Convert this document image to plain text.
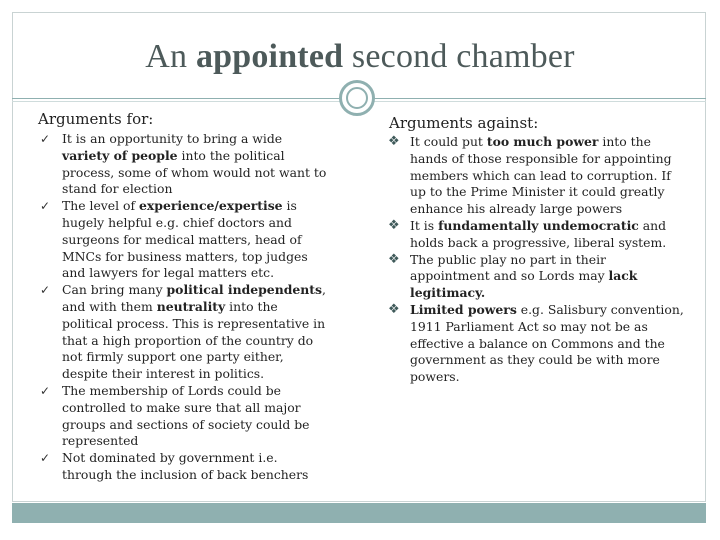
An appointed second chamber
Arguments for:
✓ It is an opportunity to bring a wide variety of people into the political process, some of whom would not want to stand for election
✓ The level of experience/expertise is hugely helpful e.g. chief doctors and surgeons for medical matters, head of MNCs for business matters, top judges and lawyers for legal matters etc.
✓ Can bring many political independents, and with them neutrality into the political process. This is representative in that a high proportion of the country do not firmly support one party either, despite their interest in politics.
✓ The membership of Lords could be controlled to make sure that all major groups and sections of society could be represented
✓ Not dominated by government i.e. through the inclusion of back benchers
Arguments against:
❖ It could put too much power into the hands of those responsible for appointing members which can lead to corruption. If up to the Prime Minister it could greatly enhance his already large powers
❖ It is fundamentally undemocratic and holds back a progressive, liberal system.
❖ The public play no part in their appointment and so Lords may lack legitimacy.
❖ Limited powers e.g. Salisbury convention, 1911 Parliament Act so may not be as effective a balance on Commons and the government as they could be with more powers.
